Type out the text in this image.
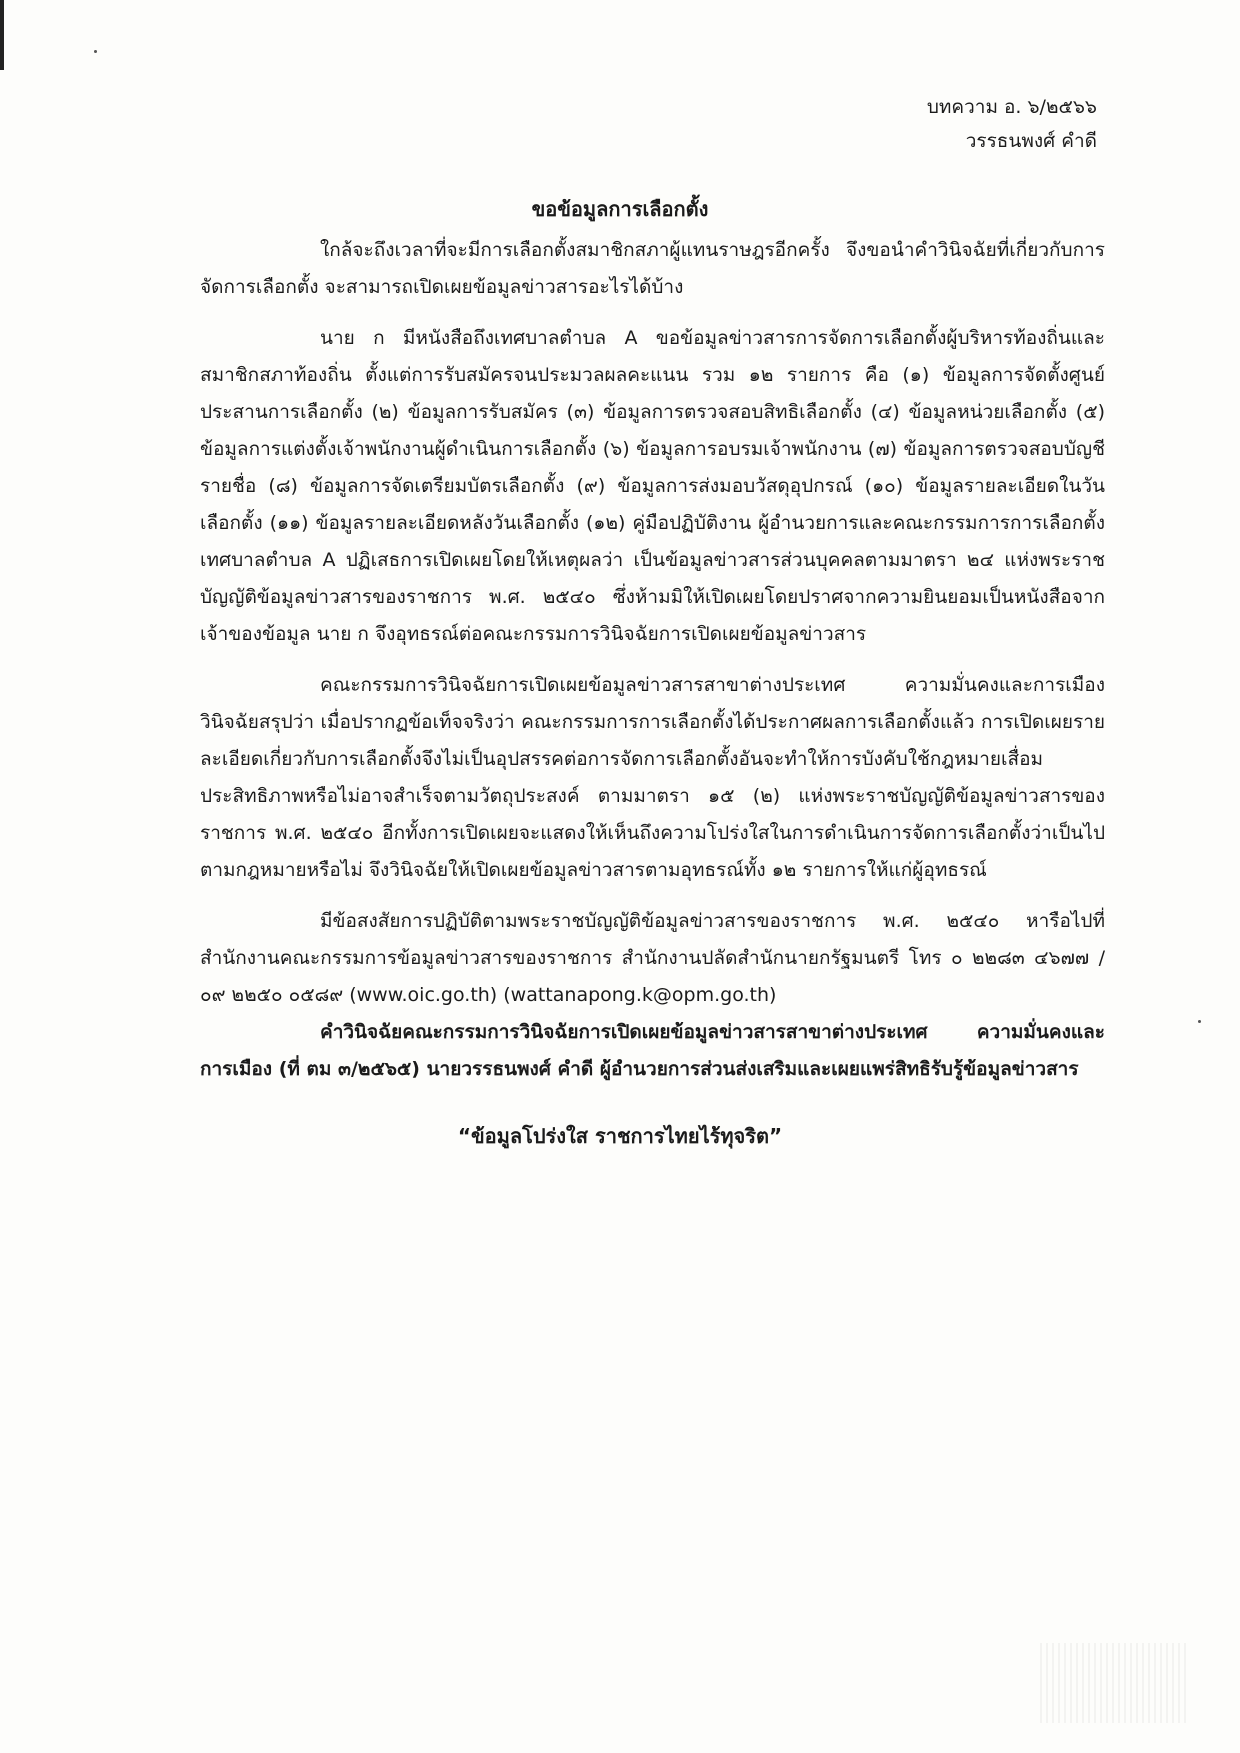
บทความ อ. ๖/๒๕๖๖
วรรธนพงศ์ คำดี
ขอข้อมูลการเลือกตั้ง

ใกล้จะถึงเวลาที่จะมีการเลือกตั้งสมาชิกสภาผู้แทนราษฎรอีกครั้ง จึงขอนำคำวินิจฉัยที่เกี่ยวกับการจัดการเลือกตั้ง จะสามารถเปิดเผยข้อมูลข่าวสารอะไรได้บ้าง

นาย ก มีหนังสือถึงเทศบาลตำบล A ขอข้อมูลข่าวสารการจัดการเลือกตั้งผู้บริหารท้องถิ่นและสมาชิกสภาท้องถิ่น ตั้งแต่การรับสมัครจนประมวลผลคะแนน รวม ๑๒ รายการ คือ (๑) ข้อมูลการจัดตั้งศูนย์ประสานการเลือกตั้ง (๒) ข้อมูลการรับสมัคร (๓) ข้อมูลการตรวจสอบสิทธิเลือกตั้ง (๔) ข้อมูลหน่วยเลือกตั้ง (๕) ข้อมูลการแต่งตั้งเจ้าพนักงานผู้ดำเนินการเลือกตั้ง (๖) ข้อมูลการอบรมเจ้าพนักงาน (๗) ข้อมูลการตรวจสอบบัญชีรายชื่อ (๘) ข้อมูลการจัดเตรียมบัตรเลือกตั้ง (๙) ข้อมูลการส่งมอบวัสดุอุปกรณ์ (๑๐) ข้อมูลรายละเอียดในวันเลือกตั้ง (๑๑) ข้อมูลรายละเอียดหลังวันเลือกตั้ง (๑๒) คู่มือปฏิบัติงาน ผู้อำนวยการและคณะกรรมการการเลือกตั้ง เทศบาลตำบล A ปฏิเสธการเปิดเผยโดยให้เหตุผลว่า เป็นข้อมูลข่าวสารส่วนบุคคลตามมาตรา ๒๔ แห่งพระราชบัญญัติข้อมูลข่าวสารของราชการ พ.ศ. ๒๕๔๐ ซึ่งห้ามมิให้เปิดเผยโดยปราศจากความยินยอมเป็นหนังสือจากเจ้าของข้อมูล นาย ก จึงอุทธรณ์ต่อคณะกรรมการวินิจฉัยการเปิดเผยข้อมูลข่าวสาร

คณะกรรมการวินิจฉัยการเปิดเผยข้อมูลข่าวสารสาขาต่างประเทศ ความมั่นคงและการเมือง วินิจฉัยสรุปว่า เมื่อปรากฏข้อเท็จจริงว่า คณะกรรมการการเลือกตั้งได้ประกาศผลการเลือกตั้งแล้ว การเปิดเผยรายละเอียดเกี่ยวกับการเลือกตั้งจึงไม่เป็นอุปสรรคต่อการจัดการเลือกตั้งอันจะทำให้การบังคับใช้กฎหมายเสื่อมประสิทธิภาพหรือไม่อาจสำเร็จตามวัตถุประสงค์ ตามมาตรา ๑๕ (๒) แห่งพระราชบัญญัติข้อมูลข่าวสารของราชการ พ.ศ. ๒๕๔๐ อีกทั้งการเปิดเผยจะแสดงให้เห็นถึงความโปร่งใสในการดำเนินการจัดการเลือกตั้งว่าเป็นไปตามกฎหมายหรือไม่ จึงวินิจฉัยให้เปิดเผยข้อมูลข่าวสารตามอุทธรณ์ทั้ง ๑๒ รายการให้แก่ผู้อุทธรณ์

มีข้อสงสัยการปฏิบัติตามพระราชบัญญัติข้อมูลข่าวสารของราชการ พ.ศ. ๒๕๔๐ หารือไปที่สำนักงานคณะกรรมการข้อมูลข่าวสารของราชการ สำนักงานปลัดสำนักนายกรัฐมนตรี โทร ๐ ๒๒๘๓ ๔๖๗๗ / ๐๙ ๒๒๕๐ ๐๕๘๙ (www.oic.go.th) (wattanapong.k@opm.go.th)

คำวินิจฉัยคณะกรรมการวินิจฉัยการเปิดเผยข้อมูลข่าวสารสาขาต่างประเทศ ความมั่นคงและการเมือง (ที่ ตม ๓/๒๕๖๕) นายวรรธนพงศ์ คำดี ผู้อำนวยการส่วนส่งเสริมและเผยแพร่สิทธิรับรู้ข้อมูลข่าวสาร

“ข้อมูลโปร่งใส ราชการไทยไร้ทุจริต”
